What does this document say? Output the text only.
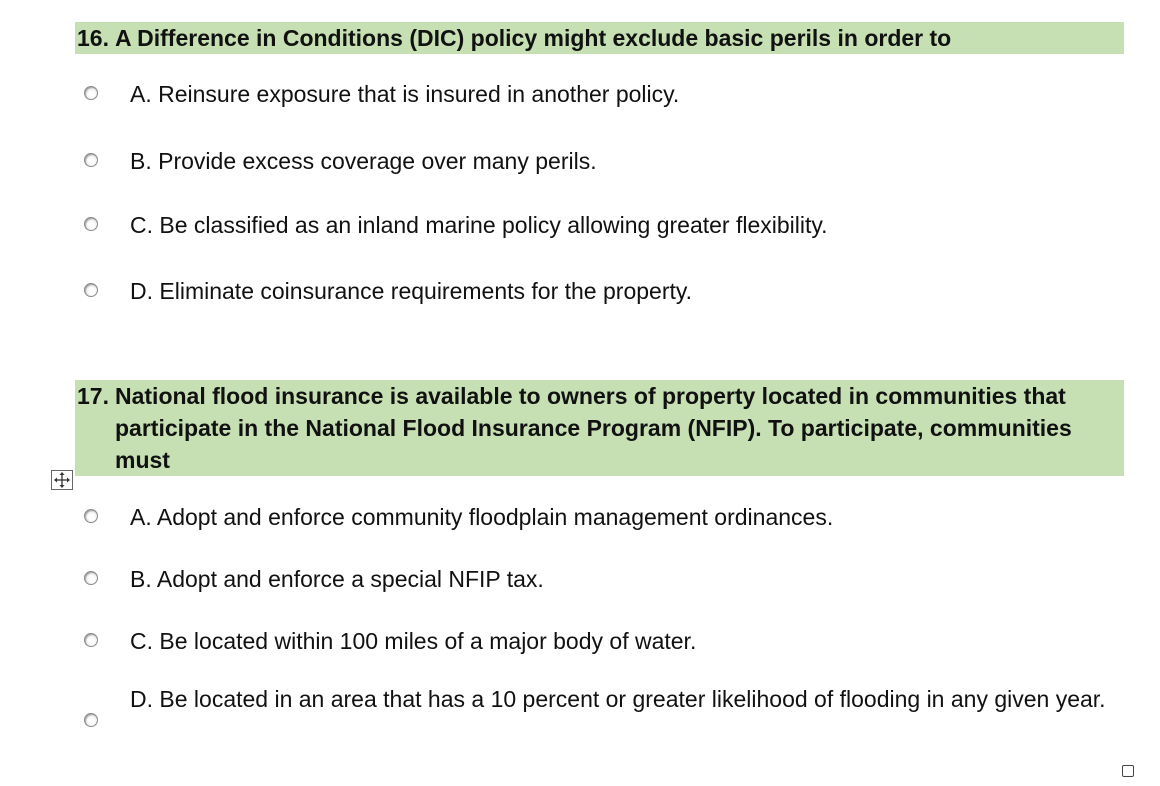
16. A Difference in Conditions (DIC) policy might exclude basic perils in order to
A. Reinsure exposure that is insured in another policy.
B. Provide excess coverage over many perils.
C. Be classified as an inland marine policy allowing greater flexibility.
D. Eliminate coinsurance requirements for the property.
17. National flood insurance is available to owners of property located in communities that participate in the National Flood Insurance Program (NFIP). To participate, communities must
A. Adopt and enforce community floodplain management ordinances.
B. Adopt and enforce a special NFIP tax.
C. Be located within 100 miles of a major body of water.
D. Be located in an area that has a 10 percent or greater likelihood of flooding in any given year.
